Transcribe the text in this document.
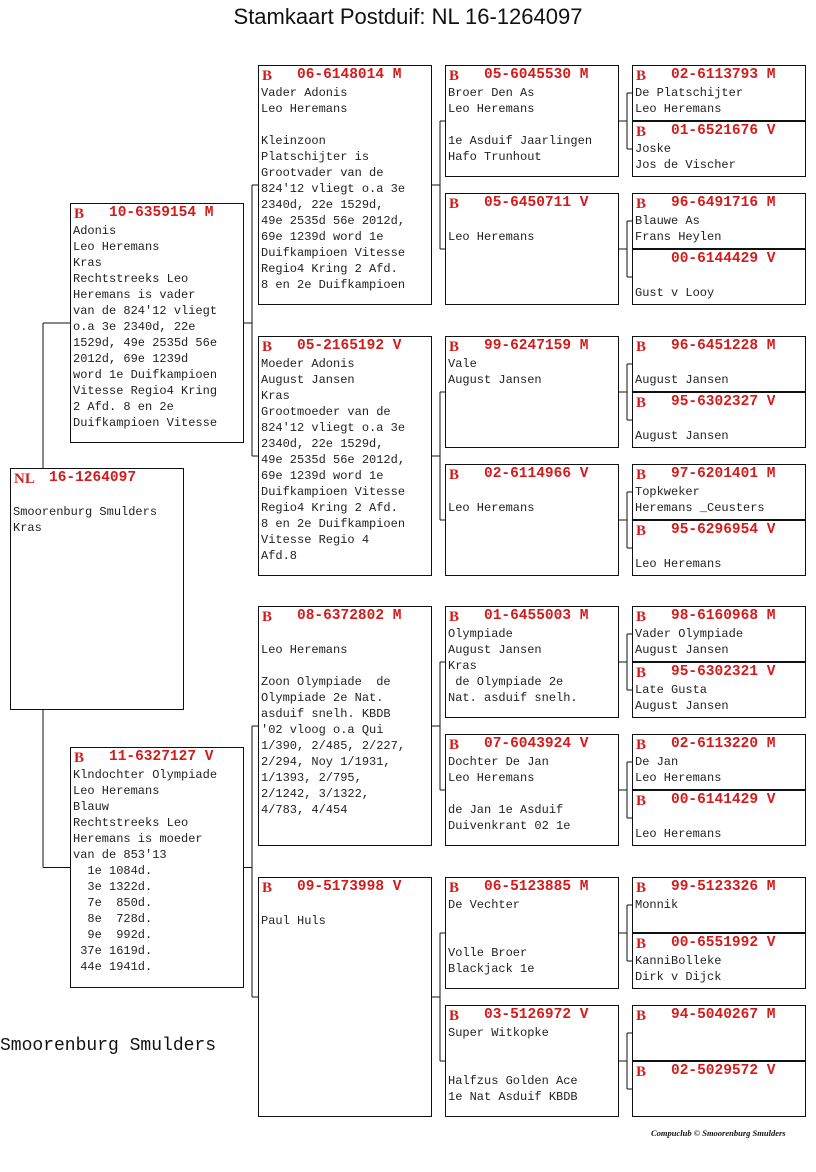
Stamkaart Postduif: NL 16-1264097
NL 16-1264097
Smoorenburg Smulders
Kras
B 10-6359154 M
Adonis
Leo Heremans
Kras
Rechtstreeks Leo
Heremans is vader
van de 824'12 vliegt
o.a 3e 2340d, 22e
1529d, 49e 2535d 56e
2012d, 69e 1239d
word 1e Duifkampioen
Vitesse Regio4 Kring
2 Afd. 8 en 2e
Duifkampioen Vitesse
B 11-6327127 V
Klndochter Olympiade
Leo Heremans
Blauw
Rechtstreeks Leo
Heremans is moeder
van de 853'13
1e 1084d.
3e 1322d.
7e  850d.
8e  728d.
9e  992d.
37e 1619d.
44e 1941d.
B 06-6148014 M
Vader Adonis
Leo Heremans
Kleinzoon
Platschijter is
Grootvader van de
824'12 vliegt o.a 3e
2340d, 22e 1529d,
49e 2535d 56e 2012d,
69e 1239d word 1e
Duifkampioen Vitesse
Regio4 Kring 2 Afd.
8 en 2e Duifkampioen
B 05-2165192 V
Moeder Adonis
August Jansen
Kras
Grootmoeder van de
824'12 vliegt o.a 3e
2340d, 22e 1529d,
49e 2535d 56e 2012d,
69e 1239d word 1e
Duifkampioen Vitesse
Regio4 Kring 2 Afd.
8 en 2e Duifkampioen
Vitesse Regio 4
Afd.8
B 08-6372802 M
Leo Heremans
Zoon Olympiade  de
Olympiade 2e Nat.
asduif snelh. KBDB
'02 vloog o.a Qui
1/390, 2/485, 2/227,
2/294, Noy 1/1931,
1/1393, 2/795,
2/1242, 3/1322,
4/783, 4/454
B 09-5173998 V
Paul Huls
B 05-6045530 M
Broer Den As
Leo Heremans
1e Asduif Jaarlingen
Hafo Trunhout
B 05-6450711 V
Leo Heremans
B 99-6247159 M
Vale
August Jansen
B 02-6114966 V
Leo Heremans
B 01-6455003 M
Olympiade
August Jansen
Kras
de Olympiade 2e
Nat. asduif snelh.
B 07-6043924 V
Dochter De Jan
Leo Heremans
de Jan 1e Asduif
Duivenkrant 02 1e
B 06-5123885 M
De Vechter
Volle Broer
Blackjack 1e
B 03-5126972 V
Super Witkopke
Halfzus Golden Ace
1e Nat Asduif KBDB
B 02-6113793 M
De Platschijter
Leo Heremans
B 01-6521676 V
Joske
Jos de Vischer
B 96-6491716 M
Blauwe As
Frans Heylen
00-6144429 V
Gust v Looy
B 96-6451228 M
August Jansen
B 95-6302327 V
August Jansen
B 97-6201401 M
Topkweker
Heremans _Ceusters
B 95-6296954 V
Leo Heremans
B 98-6160968 M
Vader Olympiade
August Jansen
B 95-6302321 V
Late Gusta
August Jansen
B 02-6113220 M
De Jan
Leo Heremans
B 00-6141429 V
Leo Heremans
B 99-5123326 M
Monnik
B 00-6551992 V
KanniBolleke
Dirk v Dijck
B 94-5040267 M
B 02-5029572 V
Smoorenburg Smulders
Compuclub © Smoorenburg Smulders
